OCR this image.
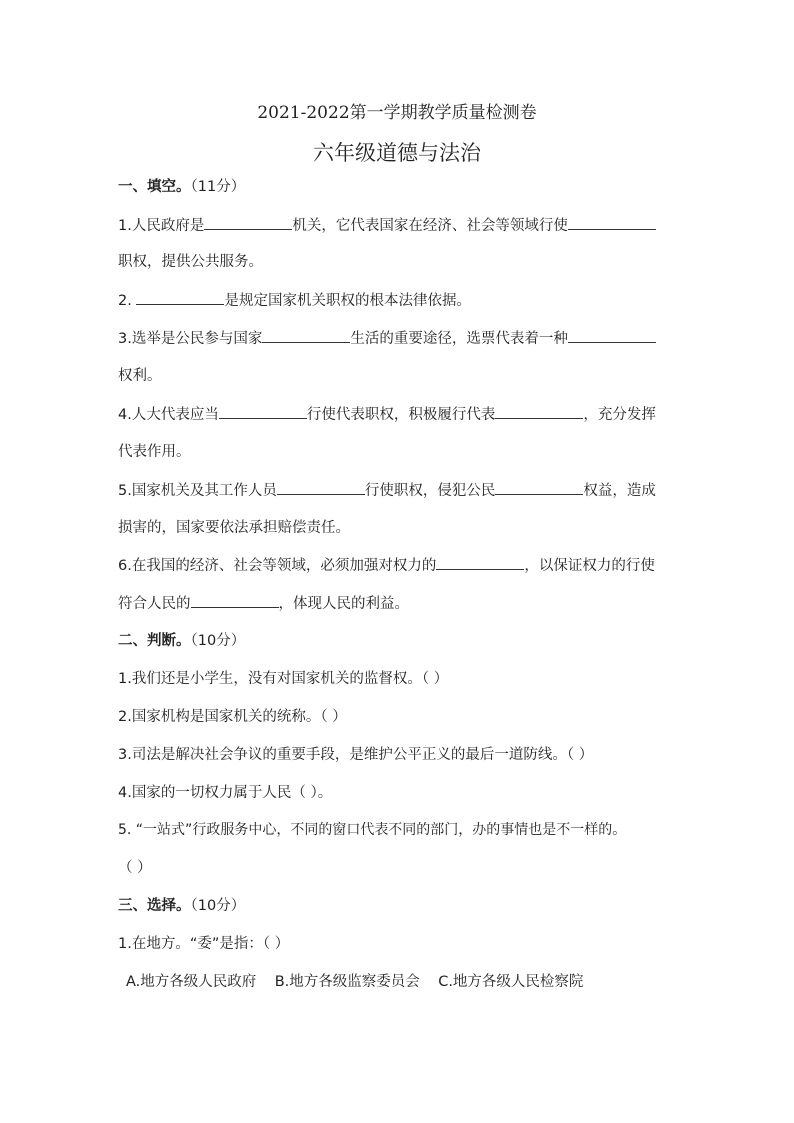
2021-2022第一学期教学质量检测卷
六年级道德与法治
一、填空。（11分）
1.人民政府是	机关，它代表国家在经济、社会等领域行使
职权，提供公共服务。
2.	是规定国家机关职权的根本法律依据。
3.选举是公民参与国家	生活的重要途径，选票代表着一种
权利。
4.人大代表应当	行使代表职权，积极履行代表	，充分发挥
代表作用。
5.国家机关及其工作人员	行使职权，侵犯公民	权益，造成
损害的，国家要依法承担赔偿责任。
6.在我国的经济、社会等领域，必须加强对权力的	，以保证权力的行使
符合人民的	，体现人民的利益。
二、判断。（10分）
1.我们还是小学生，没有对国家机关的监督权。（ ）
2.国家机构是国家机关的统称。（ ）
3.司法是解决社会争议的重要手段，是维护公平正义的最后一道防线。（ ）
4.国家的一切权力属于人民（ ）。
5. “一站式”行政服务中心，不同的窗口代表不同的部门，办的事情也是不一样的。
（ ）
三、选择。（10分）
1.在地方。“委”是指：（ ）
A.地方各级人民政府    B.地方各级监察委员会    C.地方各级人民检察院
